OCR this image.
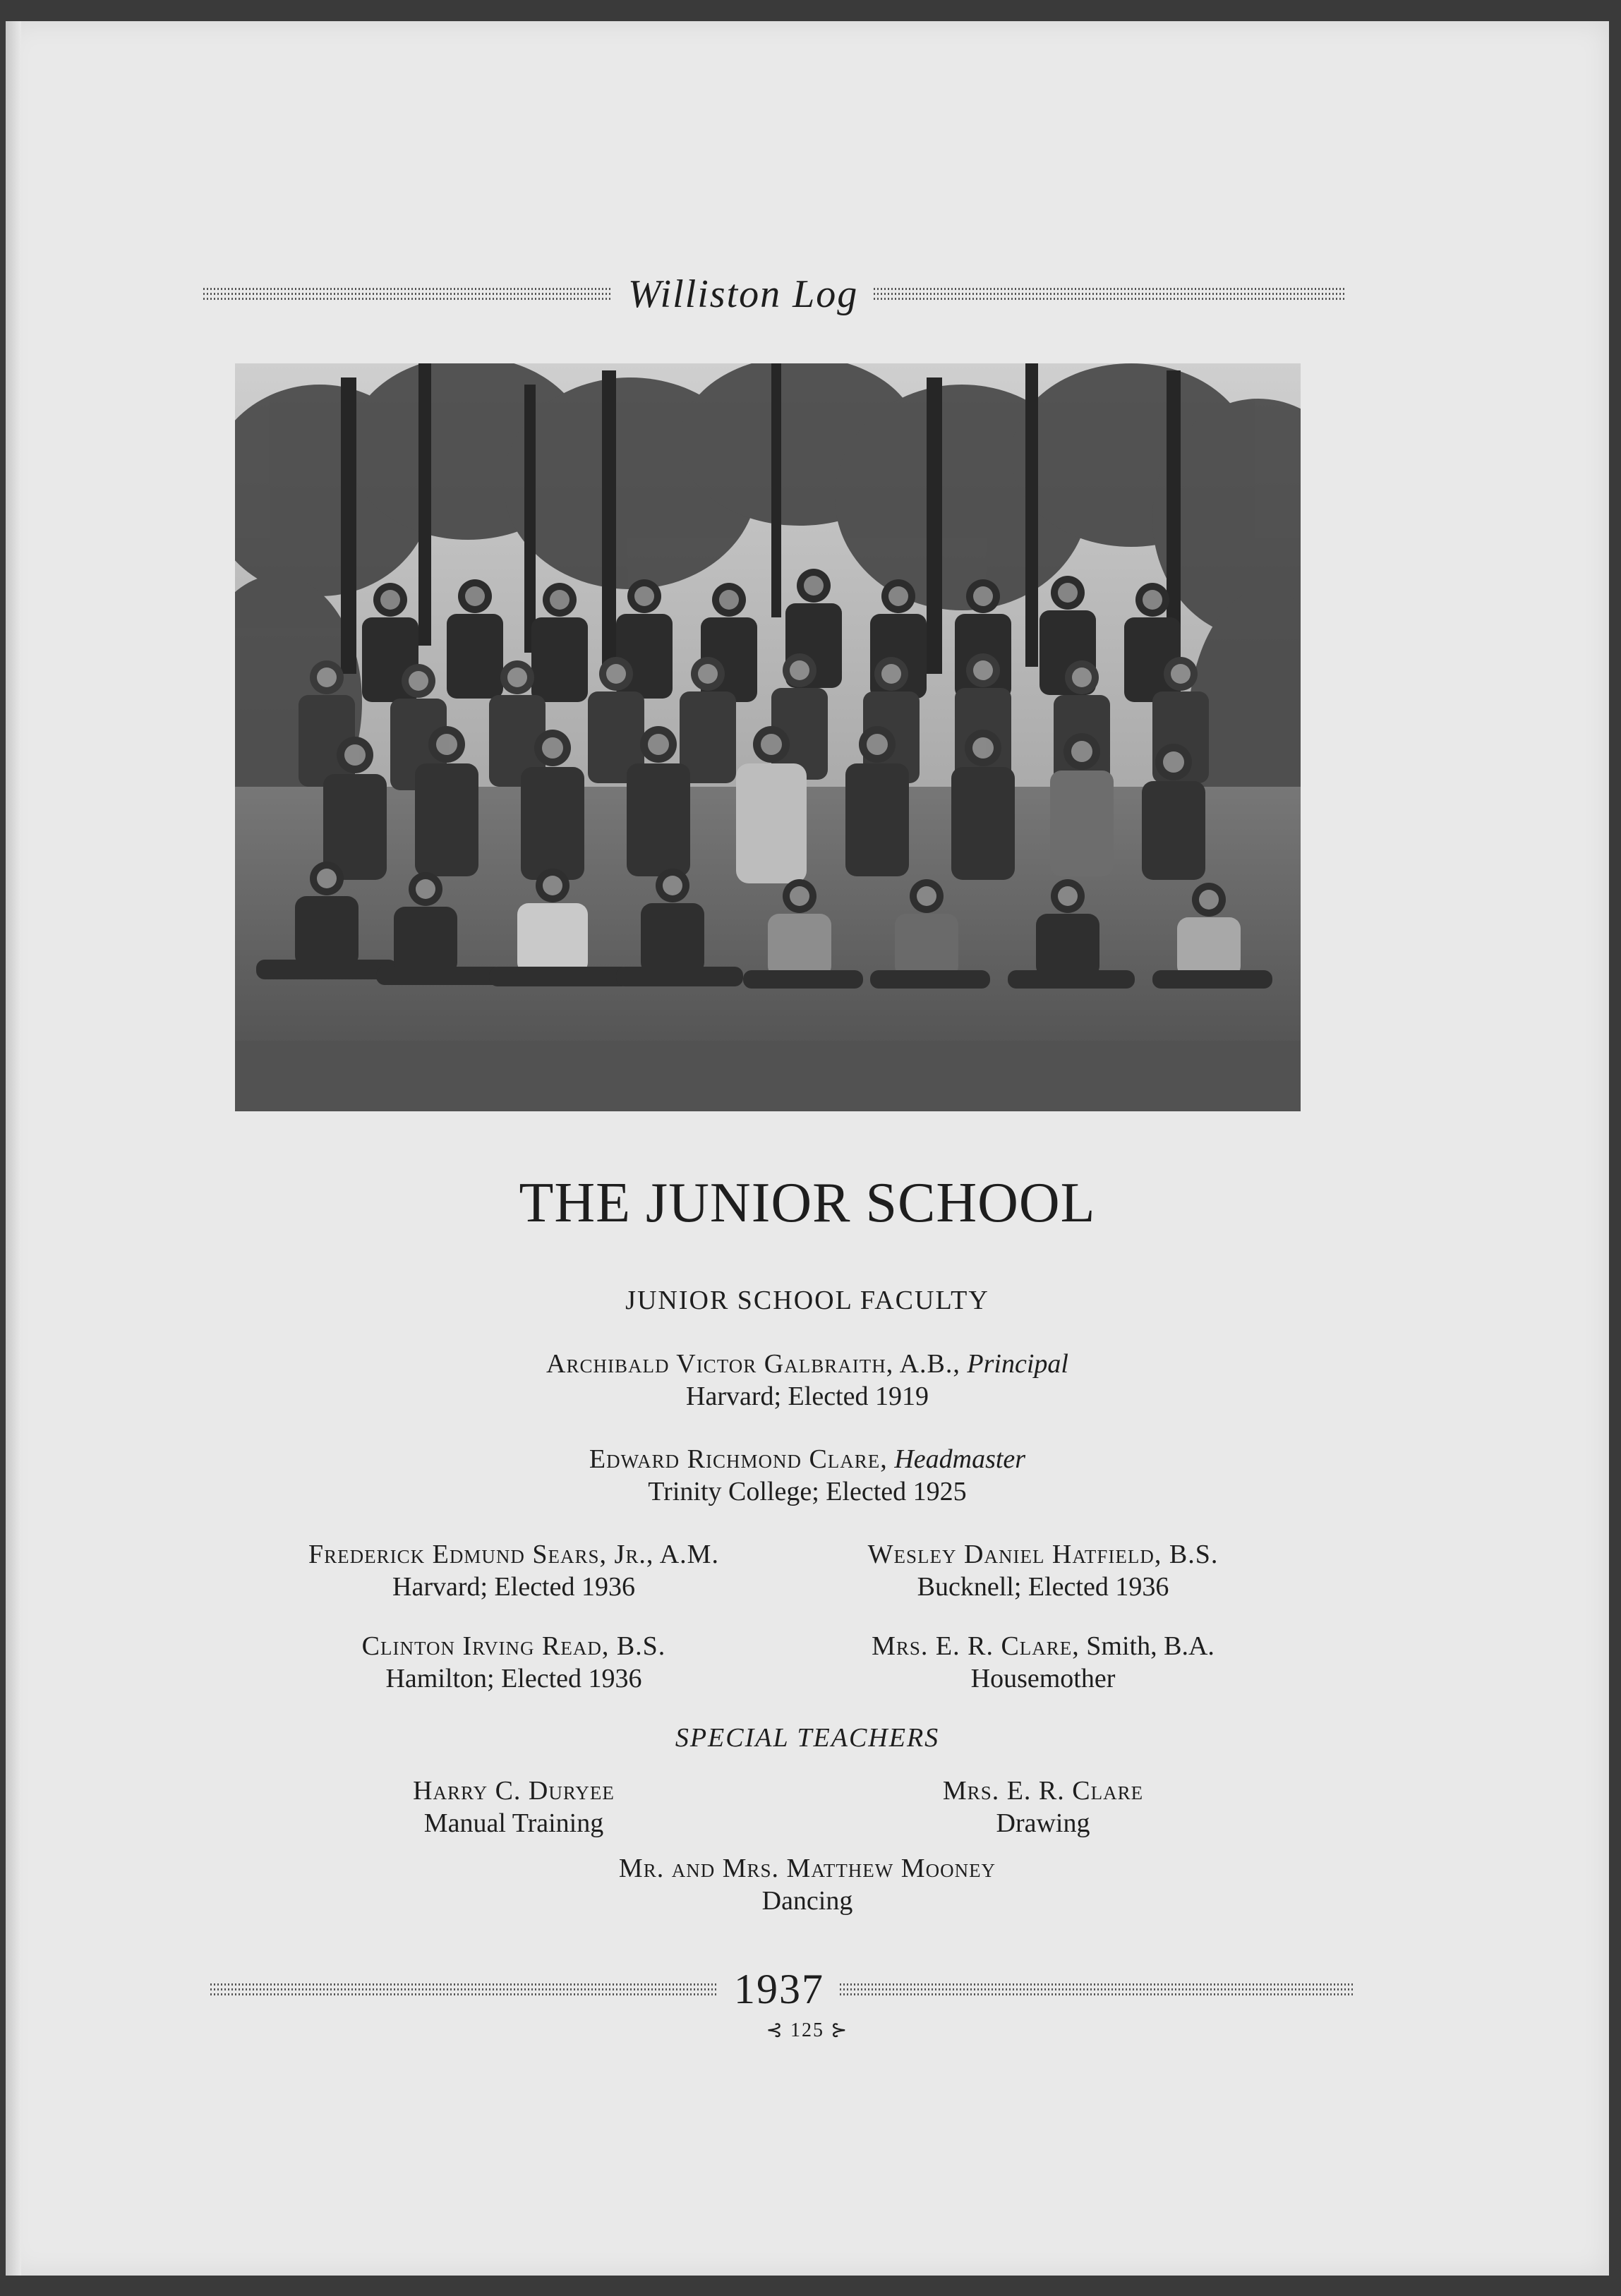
Williston Log
THE JUNIOR SCHOOL
JUNIOR SCHOOL FACULTY
Archibald Victor Galbraith, A.B., Principal
Harvard; Elected 1919
Edward Richmond Clare, Headmaster
Trinity College; Elected 1925
Frederick Edmund Sears, Jr., A.M.
Harvard; Elected 1936
Wesley Daniel Hatfield, B.S.
Bucknell; Elected 1936
Clinton Irving Read, B.S.
Hamilton; Elected 1936
Mrs. E. R. Clare, Smith, B.A.
Housemother
SPECIAL TEACHERS
Harry C. Duryee
Manual Training
Mrs. E. R. Clare
Drawing
Mr. and Mrs. Matthew Mooney
Dancing
1937
⊰ 125 ⊱
